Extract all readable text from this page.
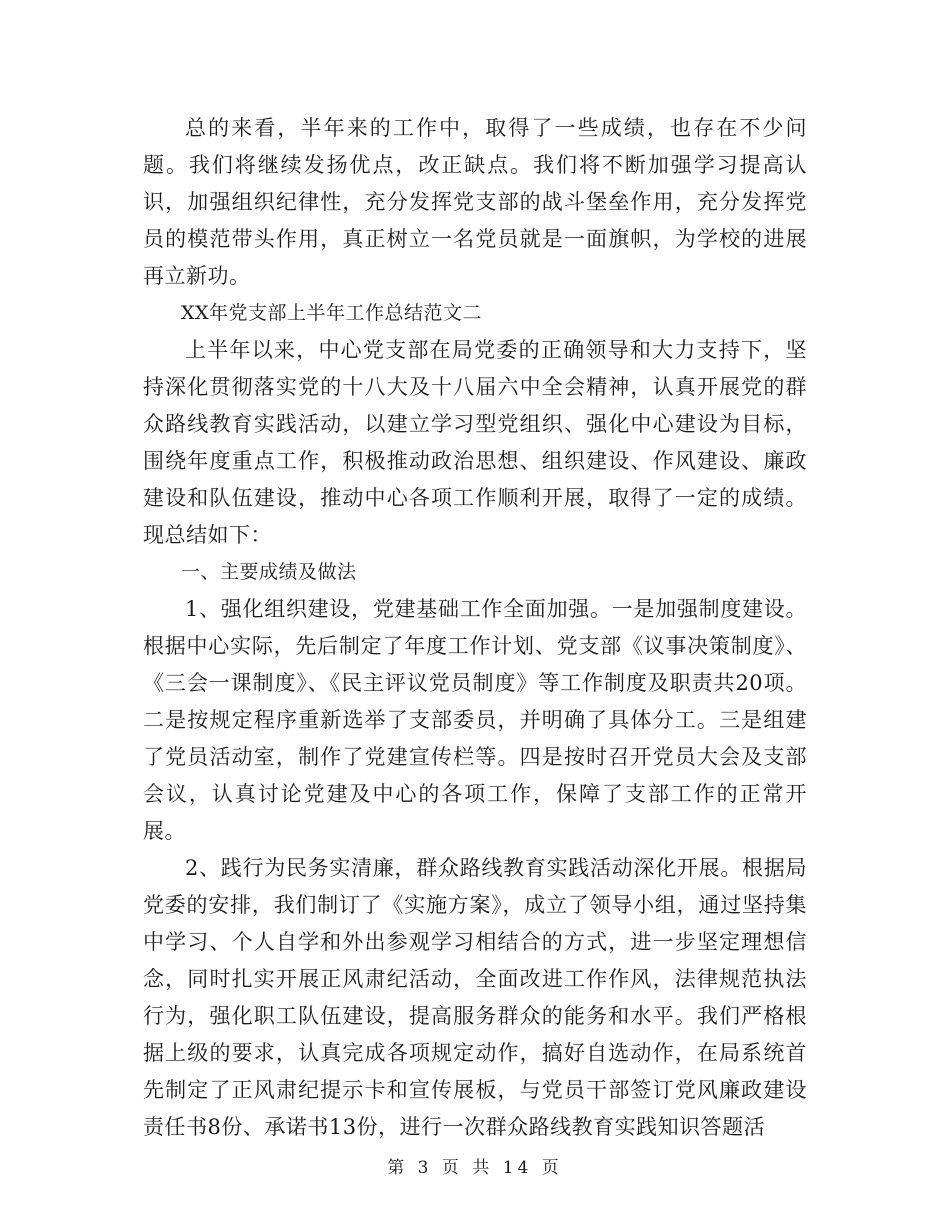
总的来看，半年来的工作中，取得了一些成绩，也存在不少问题。我们将继续发扬优点，改正缺点。我们将不断加强学习提高认识，加强组织纪律性，充分发挥党支部的战斗堡垒作用，充分发挥党员的模范带头作用，真正树立一名党员就是一面旗帜，为学校的进展再立新功。

XX年党支部上半年工作总结范文二

上半年以来，中心党支部在局党委的正确领导和大力支持下，坚持深化贯彻落实党的十八大及十八届六中全会精神，认真开展党的群众路线教育实践活动，以建立学习型党组织、强化中心建设为目标，围绕年度重点工作，积极推动政治思想、组织建设、作风建设、廉政建设和队伍建设，推动中心各项工作顺利开展，取得了一定的成绩。现总结如下：

一、主要成绩及做法

1、强化组织建设，党建基础工作全面加强。一是加强制度建设。根据中心实际，先后制定了年度工作计划、党支部《议事决策制度》、《三会一课制度》、《民主评议党员制度》等工作制度及职责共20项。二是按规定程序重新选举了支部委员，并明确了具体分工。三是组建了党员活动室，制作了党建宣传栏等。四是按时召开党员大会及支部会议，认真讨论党建及中心的各项工作，保障了支部工作的正常开展。

2、践行为民务实清廉，群众路线教育实践活动深化开展。根据局党委的安排，我们制订了《实施方案》，成立了领导小组，通过坚持集中学习、个人自学和外出参观学习相结合的方式，进一步坚定理想信念，同时扎实开展正风肃纪活动，全面改进工作作风，法律规范执法行为，强化职工队伍建设，提高服务群众的能务和水平。我们严格根据上级的要求，认真完成各项规定动作，搞好自选动作，在局系统首先制定了正风肃纪提示卡和宣传展板，与党员干部签订党风廉政建设责任书8份、承诺书13份，进行一次群众路线教育实践知识答题活

第 3 页 共 14 页
